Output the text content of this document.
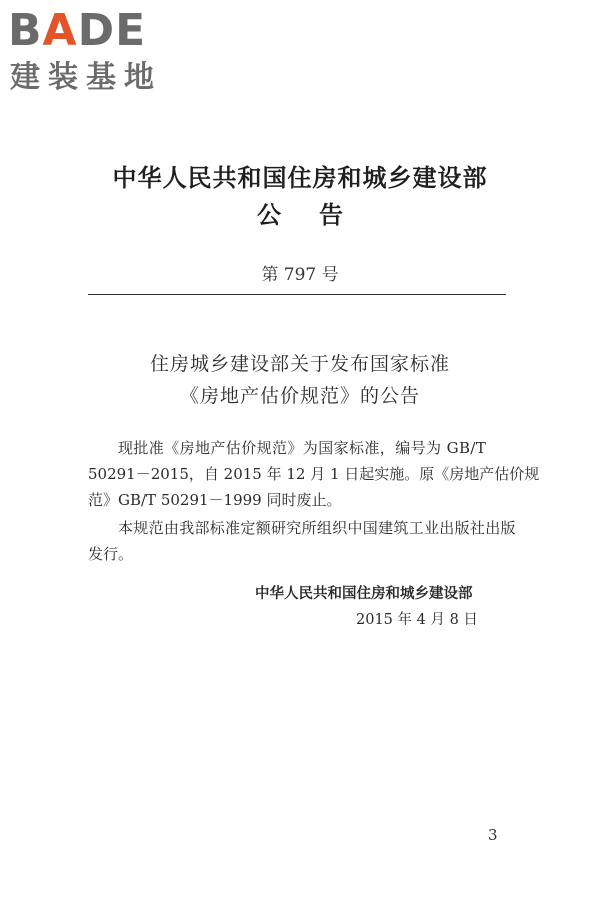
BADE
建装基地
中华人民共和国住房和城乡建设部
公告
第 797 号
住房城乡建设部关于发布国家标准
《房地产估价规范》的公告
现批准《房地产估价规范》为国家标准，编号为 GB/T
50291－2015，自 2015 年 12 月 1 日起实施。原《房地产估价规
范》GB/T 50291－1999 同时废止。
本规范由我部标准定额研究所组织中国建筑工业出版社出版
发行。
中华人民共和国住房和城乡建设部
2015 年 4 月 8 日
3
